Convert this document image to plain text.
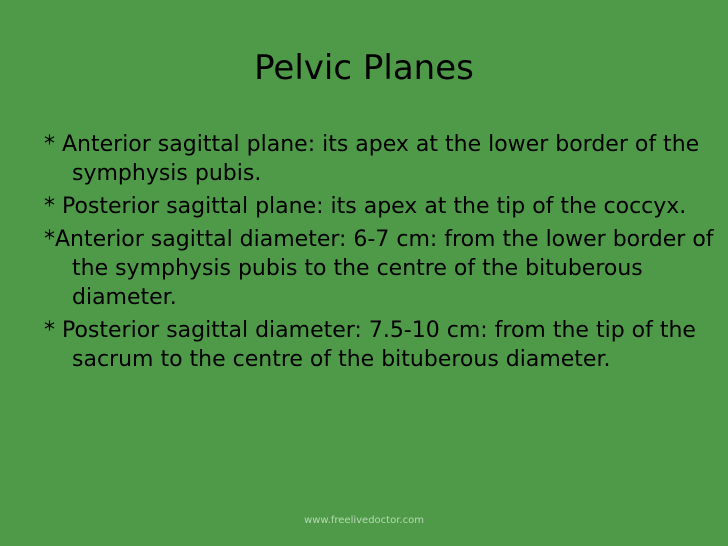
Pelvic Planes
* Anterior sagittal plane: its apex at the lower border of the symphysis pubis.
* Posterior sagittal plane: its apex at the tip of the coccyx.
*Anterior sagittal diameter: 6-7 cm: from the lower border of the symphysis pubis to the centre of the bituberous diameter.
* Posterior sagittal diameter: 7.5-10 cm: from the tip of the sacrum to the centre of the bituberous diameter.
www.freelivedoctor.com
